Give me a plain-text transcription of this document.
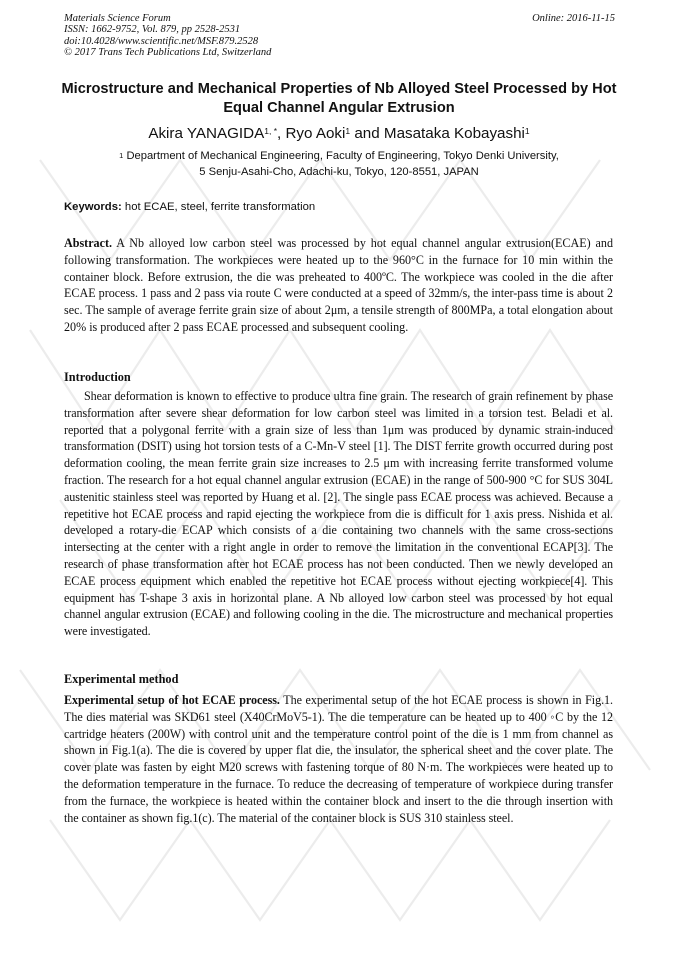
Materials Science Forum
ISSN: 1662-9752, Vol. 879, pp 2528-2531
doi:10.4028/www.scientific.net/MSF.879.2528
© 2017 Trans Tech Publications Ltd, Switzerland
Online: 2016-11-15
Microstructure and Mechanical Properties of Nb Alloyed Steel Processed by Hot Equal Channel Angular Extrusion
Akira $YANAGIDA^{1, *}$, Ryo Aoki$^1$ and Masataka Kobayashi$^1$
$^1$ Department of Mechanical Engineering, Faculty of Engineering, Tokyo Denki University,
5 Senju-Asahi-Cho, Adachi-ku, Tokyo, 120-8551, JAPAN
Keywords: hot ECAE, steel, ferrite transformation

Abstract. A Nb alloyed low carbon steel was processed by hot equal channel angular extrusion(ECAE) and following transformation. The workpieces were heated up to the 960°C in the furnace for 10 min within the container block. Before extrusion, the die was preheated to 400ºC. The workpiece was cooled in the die after ECAE process. 1 pass and 2 pass via route C were conducted at a speed of 32mm/s, the inter-pass time is about 2 sec. The sample of average ferrite grain size of about 2μm, a tensile strength of 800MPa, a total elongation about 20% is produced after 2 pass ECAE processed and subsequent cooling.

Introduction

Shear deformation is known to effective to produce ultra fine grain. The research of grain refinement by phase transformation after severe shear deformation for low carbon steel was limited in a torsion test. Beladi et al. reported that a polygonal ferrite with a grain size of less than 1μm was produced by dynamic strain-induced transformation (DSIT) using hot torsion tests of a C-Mn-V steel [1]. The DIST ferrite growth occurred during post deformation cooling, the mean ferrite grain size increases to 2.5 μm with increasing ferrite transformed volume fraction. The research for a hot equal channel angular extrusion (ECAE) in the range of 500-900 °C for SUS 304L austenitic stainless steel was reported by Huang et al. [2]. The single pass ECAE process was achieved. Because a repetitive hot ECAE process and rapid ejecting the workpiece from die is difficult for 1 axis press. Nishida et al. developed a rotary-die ECAP which consists of a die containing two channels with the same cross-sections intersecting at the center with a right angle in order to remove the limitation in the conventional ECAP[3]. The research of phase transformation after hot ECAE process has not been conducted. Then we newly developed an ECAE process equipment which enabled the repetitive hot ECAE process without ejecting workpiece[4]. This equipment has T-shape 3 axis in horizontal plane. A Nb alloyed low carbon steel was processed by hot equal channel angular extrusion (ECAE) and following cooling in the die. The microstructure and mechanical properties were investigated.

Experimental method

Experimental setup of hot ECAE process. The experimental setup of the hot ECAE process is shown in Fig.1. The dies material was SKD61 steel (X40CrMoV5-1). The die temperature can be heated up to 400 ◦C by the 12 cartridge heaters (200W) with control unit and the temperature control point of the die is 1 mm from channel as shown in Fig.1(a). The die is covered by upper flat die, the insulator, the spherical sheet and the cover plate. The cover plate was fasten by eight M20 screws with fastening torque of 80 N·m. The workpieces were heated up to the deformation temperature in the furnace. To reduce the decreasing of temperature of workpiece during transfer from the furnace, the workpiece is heated within the container block and insert to the die through insertion with the container as shown fig.1(c). The material of the container block is SUS 310 stainless steel.
